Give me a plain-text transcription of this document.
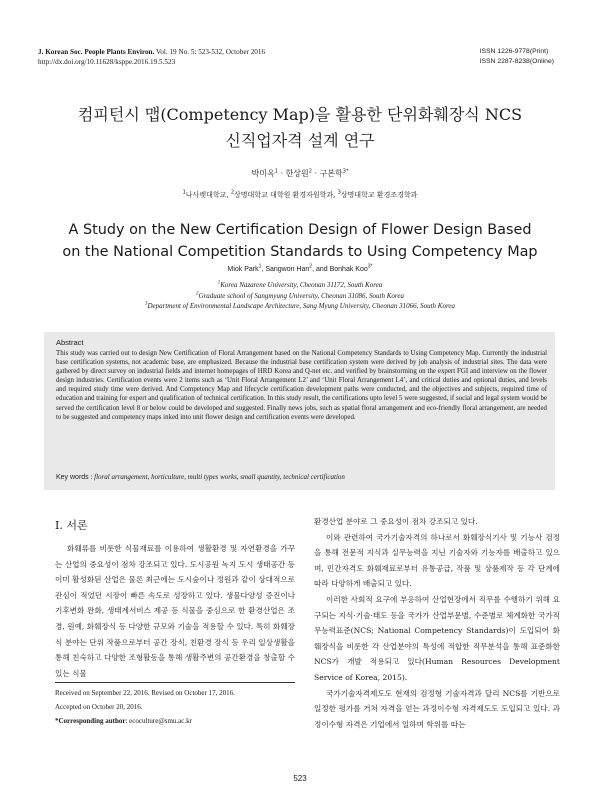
J. Korean Soc. People Plants Environ. Vol. 19 No. 5: 523-532, October 2016
http://dx.doi.org/10.11628/ksppe.2016.19.5.523
ISSN 1226-9778(Print)
ISSN 2287-8238(Online)
컴피턴시 맵(Competency Map)을 활용한 단위화훼장식 NCS
신직업자격 설계 연구
박미옥$^1$ · 한상원$^2$ · 구본학$^{3*}$
$^1$나사렛대학교, $^2$상명대학교 대학원 환경자원학과, $^3$상명대학교 환경조경학과
A Study on the New Certification Design of Flower Design Based
on the National Competition Standards to Using Competency Map
Miok Park$^1$, Sangwon Han$^2$, and Bonhak Koo$^{3*}$
$^1$Korea Nazarene University, Cheonan 31172, South Korea
$^2$Graduate school of Sangmyung University, Cheonan 31086, South Korea
$^3$Department of Environmental Landscape Architecture, Sang Myung University, Cheonan 31066, South Korea
Abstract

This study was carried out to design New Certification of Floral Arrangement based on the National Competency Standards to Using Competency Map. Currently the industrial base certification systems, not academic base, are emphasized. Because the industrial base certification system were derived by job analysis of industrial sites. The data were gathered by direct survey on industrial fields and internet homepages of HRD Korea and Q-net etc. and verified by brainstorming on the expert FGI and interview on the flower design industries. Certification events were 2 items such as ‘Unit Floral Arrangement L2’ and ‘Unit Floral Arrangement L4’, and critical duties and optional duties, and levels and required study time were derived. And Competency Map and lifecycle certification development paths were conducted, and the objectives and subjects, required time of education and training for expert and qualification of technical certification. In this study result, the certifications upto level 5 were suggested, if social and legal system would be served the certification level 8 or below could be developed and suggested. Finally news jobs, such as spatial floral arrangement and eco-friendly floral arrangement, are needed to be suggested and competency maps inked into unit flower design and certification events were developed.

Key words : floral arrangement, horticulture, multi types works, small quantity, technical certification
Ⅰ. 서론

화훼류를 비롯한 식물재료를 이용하여 생활환경 및 자연환경을 가꾸는 산업의 중요성이 점차 강조되고 있다. 도시공원 녹지 도시 생태공간 등 이미 활성화된 산업은 물론 최근에는 도시숲이나 정원과 같이 상대적으로 관심이 적었던 시장이 빠른 속도로 성장하고 있다. 생물다양성 증진이나 기후변화 완화, 생태계서비스 제공 등 식물을 중심으로 한 환경산업은 조경, 원예, 화훼장식 등 다양한 규모와 기술을 적용할 수 있다. 특히 화훼장식 분야는 단위 작품으로부터 공간 장식, 친환경 장식 등 우리 일상생활을 통해 친숙하고 다양한 조형활동을 통해 생활주변의 공간환경을 창출할 수 있는 식물

환경산업 분야로 그 중요성이 점차 강조되고 있다.

이와 관련하여 국가기술자격의 하나로서 화훼장식기사 및 기능사 검정을 통해 전문적 지식과 실무능력을 지닌 기술자와 기능자를 배출하고 있으며, 민간자격도 화훼재료로부터 유통공급, 작품 및 상품제작 등 각 단계에 따라 다양하게 배출되고 있다.

이러한 사회적 요구에 부응하여 산업현장에서 직무를 수행하기 위해 요구되는 지식·기술·태도 등을 국가가 산업부문별, 수준별로 체계화한 국가직무능력표준(NCS; National Competency Standards)이 도입되어 화훼장식을 비롯한 각 산업분야의 특성에 적합한 직무분석을 통해 표준화한 NCS가 개발 적용되고 있다(Human Resources Development Service of Korea, 2015).

국가기술자격제도도 현재의 검정형 기술자격과 달리 NCS를 기반으로 일정한 평가를 거쳐 자격을 얻는 과정이수형 자격제도도 도입되고 있다. 과정이수형 자격은 기업에서 일하며 학위를 따는

Received on September 22, 2016. Revised on October 17, 2016.
Accepted on October 20, 2016.
*Corresponding author: ecoculture@smu.ac.kr
523
